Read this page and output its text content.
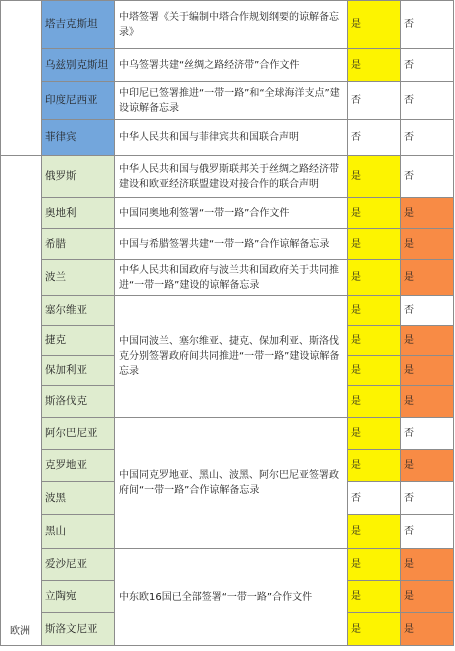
	塔吉克斯坦	中塔签署《关于编制中塔合作规划纲要的谅解备忘录》	是	否
	乌兹别克斯坦	中乌签署共建“丝绸之路经济带”合作文件	是	否
	印度尼西亚	中印尼已签署推进“一带一路”和“全球海洋支点”建设谅解备忘录	否	否
	菲律宾	中华人民共和国与菲律宾共和国联合声明	否	否
欧洲	俄罗斯	中华人民共和国与俄罗斯联邦关于丝绸之路经济带建设和欧亚经济联盟建设对接合作的联合声明	是	否
	奥地利	中国同奥地利签署“一带一路”合作文件	是	是
	希腊	中国与希腊签署共建“一带一路”合作谅解备忘录	是	是
	波兰	中华人民共和国政府与波兰共和国政府关于共同推进“一带一路”建设的谅解备忘录	是	是
	塞尔维亚	中国同波兰、塞尔维亚、捷克、保加利亚、斯洛伐克分别签署政府间共同推进“一带一路”建设谅解备忘录	是	否
	捷克		是	是
	保加利亚		是	是
	斯洛伐克		是	是
	阿尔巴尼亚	中国同克罗地亚、黑山、波黑、阿尔巴尼亚签署政府间“一带一路”合作谅解备忘录	是	否
	克罗地亚		是	是
	波黑		否	否
	黑山		是	否
	爱沙尼亚	中东欧16国已全部签署“一带一路”合作文件	是	是
	立陶宛		是	是
	斯洛文尼亚		是	是
